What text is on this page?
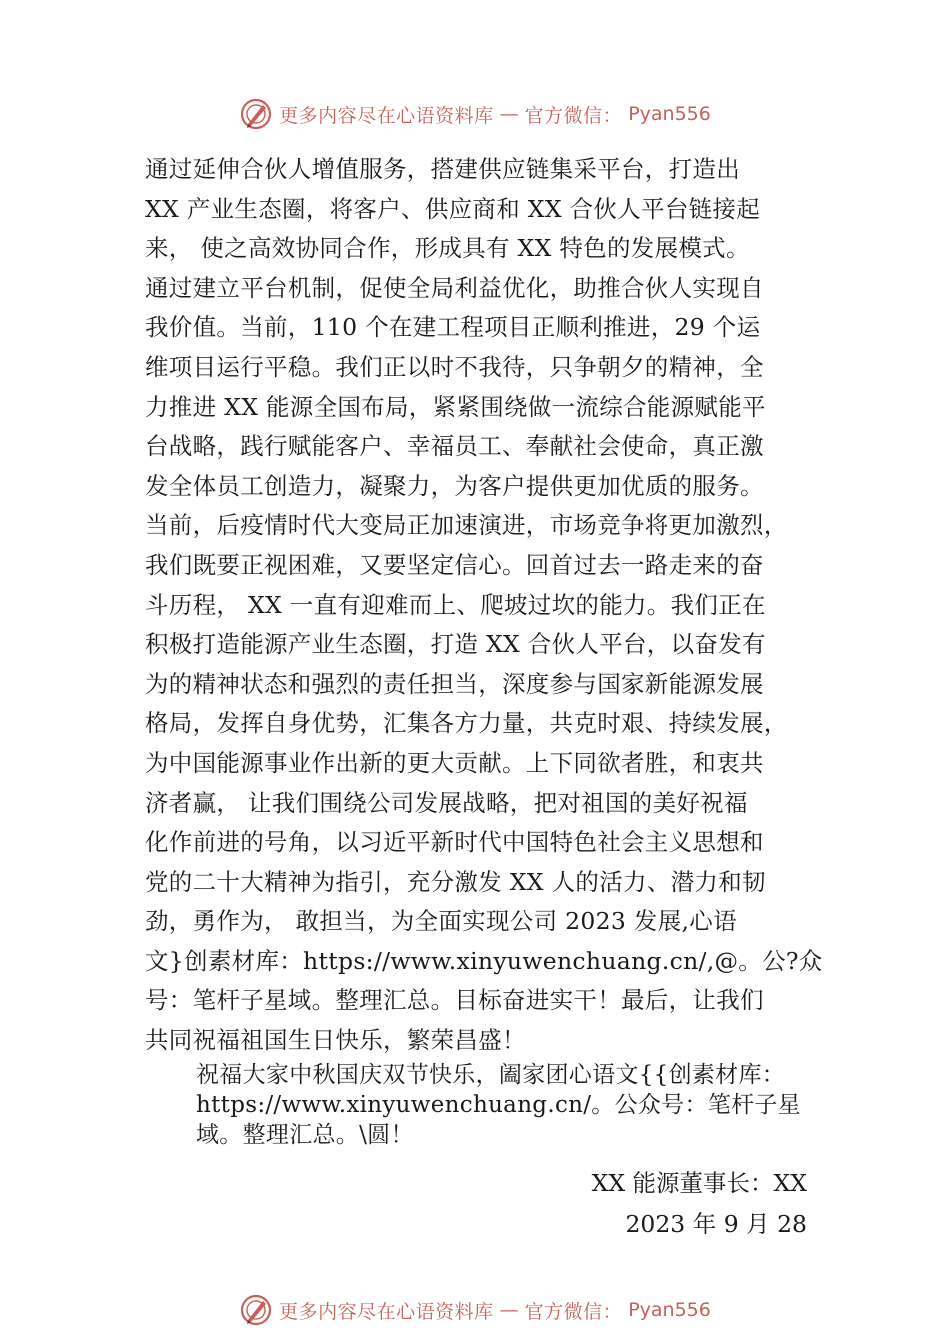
更多内容尽在心语资料库 — 官方微信： Pyan556
通过延伸合伙人增值服务，搭建供应链集采平台，打造出
XX 产业生态圈，将客户、供应商和 XX 合伙人平台链接起
来， 使之高效协同合作，形成具有 XX 特色的发展模式。
通过建立平台机制，促使全局利益优化，助推合伙人实现自
我价值。当前，110 个在建工程项目正顺利推进，29 个运
维项目运行平稳。我们正以时不我待，只争朝夕的精神，全
力推进 XX 能源全国布局，紧紧围绕做一流综合能源赋能平
台战略，践行赋能客户、幸福员工、奉献社会使命，真正激
发全体员工创造力，凝聚力，为客户提供更加优质的服务。
当前，后疫情时代大变局正加速演进，市场竞争将更加激烈，
我们既要正视困难，又要坚定信心。回首过去一路走来的奋
斗历程， XX 一直有迎难而上、爬坡过坎的能力。我们正在
积极打造能源产业生态圈，打造 XX 合伙人平台，以奋发有
为的精神状态和强烈的责任担当，深度参与国家新能源发展
格局，发挥自身优势，汇集各方力量，共克时艰、持续发展，
为中国能源事业作出新的更大贡献。上下同欲者胜，和衷共
济者赢， 让我们围绕公司发展战略，把对祖国的美好祝福
化作前进的号角，以习近平新时代中国特色社会主义思想和
党的二十大精神为指引，充分激发 XX 人的活力、潜力和韧
劲，勇作为， 敢担当，为全面实现公司 2023 发展,心语
文}创素材库：https://www.xinyuwenchuang.cn/,@。公?众
号：笔杆子星域。整理汇总。目标奋进实干！最后，让我们
共同祝福祖国生日快乐，繁荣昌盛！
祝福大家中秋国庆双节快乐，阖家团心语文{{创素材库：
https://www.xinyuwenchuang.cn/。公众号：笔杆子星
域。整理汇总。\圆！
XX 能源董事长：XX
2023 年 9 月 28
更多内容尽在心语资料库 — 官方微信： Pyan556
